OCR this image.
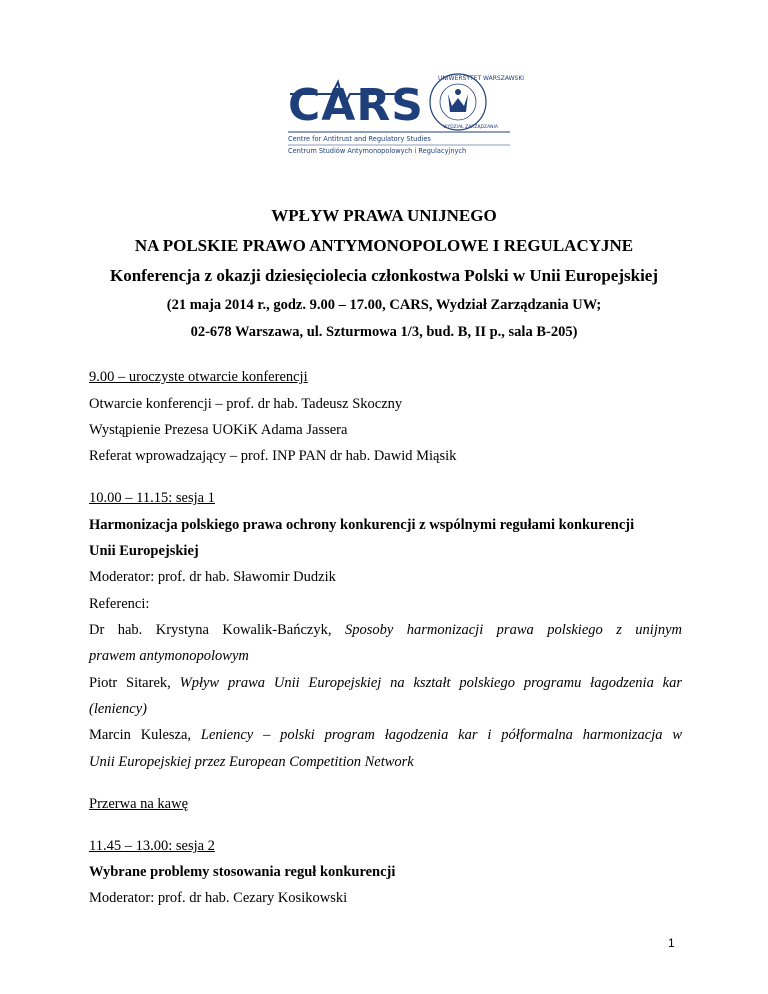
CARS
UNIWERSYTET WARSZAWSKI
WYDZIAŁ ZARZĄDZANIA
Centre for Antitrust and Regulatory Studies
Centrum Studiów Antymonopolowych i Regulacyjnych
WPŁYW PRAWA UNIJNEGO
NA POLSKIE PRAWO ANTYMONOPOLOWE I REGULACYJNE
Konferencja z okazji dziesięciolecia członkostwa Polski w Unii Europejskiej
(21 maja 2014 r., godz. 9.00 – 17.00, CARS, Wydział Zarządzania UW;
02-678 Warszawa, ul. Szturmowa 1/3, bud. B, II p., sala B-205)
9.00 – uroczyste otwarcie konferencji
Otwarcie konferencji – prof. dr hab. Tadeusz Skoczny
Wystąpienie Prezesa UOKiK Adama Jassera
Referat wprowadzający – prof. INP PAN dr hab. Dawid Miąsik
10.00 – 11.15: sesja 1
Harmonizacja polskiego prawa ochrony konkurencji z wspólnymi regułami konkurencji
Unii Europejskiej
Moderator: prof. dr hab. Sławomir Dudzik
Referenci:
Dr hab. Krystyna Kowalik-Bańczyk, Sposoby harmonizacji prawa polskiego z unijnym
prawem antymonopolowym
Piotr Sitarek, Wpływ prawa Unii Europejskiej na kształt polskiego programu łagodzenia kar
(leniency)
Marcin Kulesza, Leniency – polski program łagodzenia kar i półformalna harmonizacja w
Unii Europejskiej przez European Competition Network
Przerwa na kawę
11.45 – 13.00: sesja 2
Wybrane problemy stosowania reguł konkurencji
Moderator: prof. dr hab. Cezary Kosikowski
1
